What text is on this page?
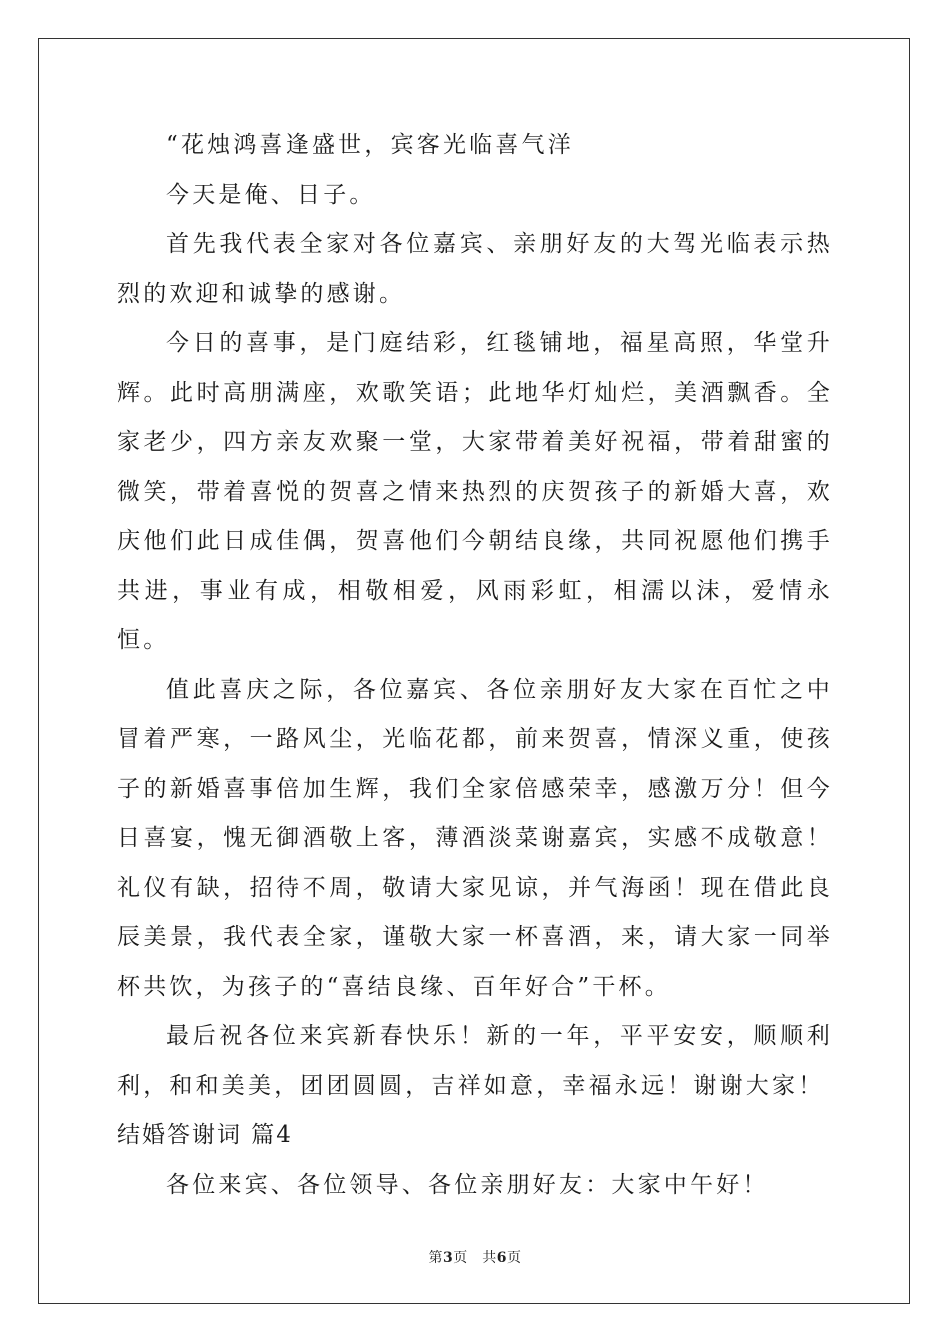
“花烛鸿喜逢盛世，宾客光临喜气洋

今天是俺、日子。

首先我代表全家对各位嘉宾、亲朋好友的大驾光临表示热烈的欢迎和诚挚的感谢。

今日的喜事，是门庭结彩，红毯铺地，福星高照，华堂升辉。此时高朋满座，欢歌笑语；此地华灯灿烂，美酒飘香。全家老少，四方亲友欢聚一堂，大家带着美好祝福，带着甜蜜的微笑，带着喜悦的贺喜之情来热烈的庆贺孩子的新婚大喜，欢庆他们此日成佳偶，贺喜他们今朝结良缘，共同祝愿他们携手共进，事业有成，相敬相爱，风雨彩虹，相濡以沫，爱情永恒。

值此喜庆之际，各位嘉宾、各位亲朋好友大家在百忙之中冒着严寒，一路风尘，光临花都，前来贺喜，情深义重，使孩子的新婚喜事倍加生辉，我们全家倍感荣幸，感激万分！但今日喜宴，愧无御酒敬上客，薄酒淡菜谢嘉宾，实感不成敬意！礼仪有缺，招待不周，敬请大家见谅，并气海函！现在借此良辰美景，我代表全家，谨敬大家一杯喜酒，来，请大家一同举杯共饮，为孩子的“喜结良缘、百年好合”干杯。

最后祝各位来宾新春快乐！新的一年，平平安安，顺顺利利，和和美美，团团圆圆，吉祥如意，幸福永远！谢谢大家！

结婚答谢词 篇4

各位来宾、各位领导、各位亲朋好友：大家中午好！

第3页　共6页
